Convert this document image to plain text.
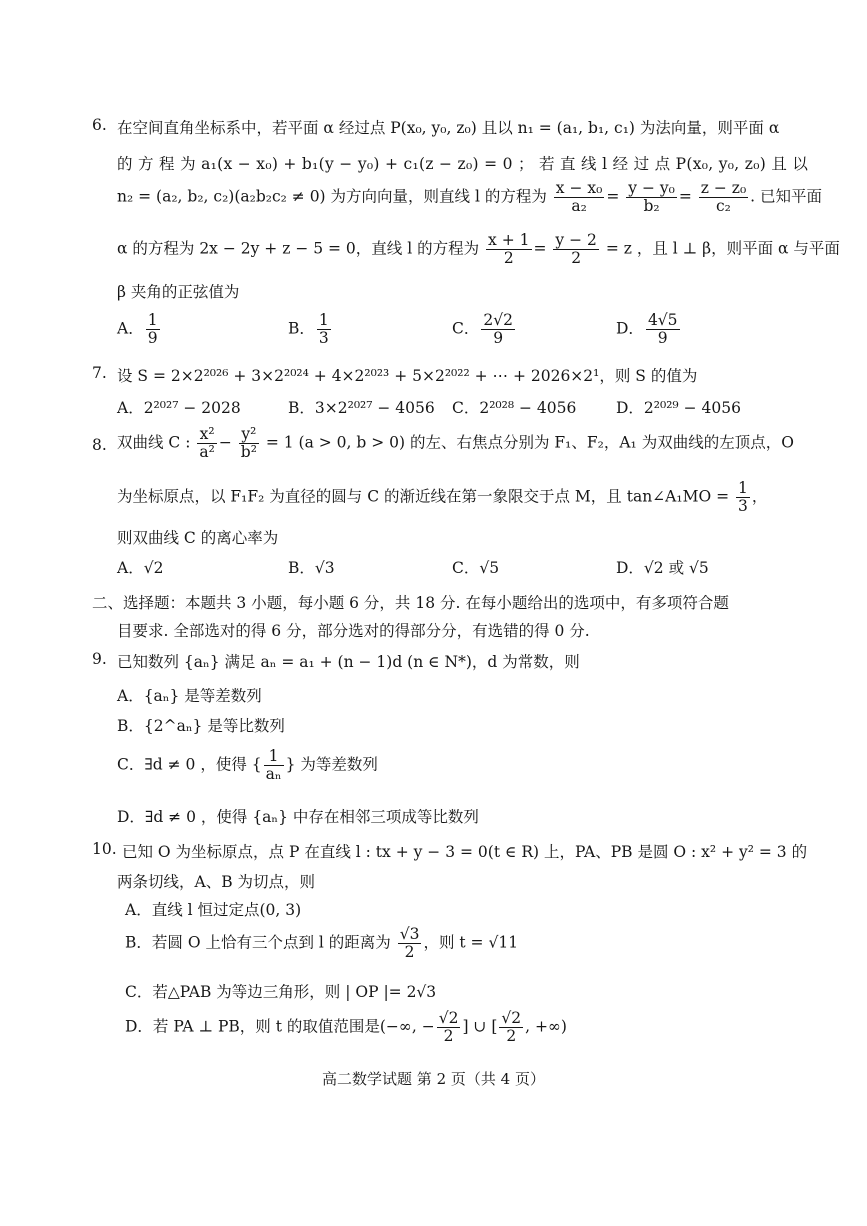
6. 在空间直角坐标系中，若平面 α 经过点 P(x₀, y₀, z₀) 且以 n₁ = (a₁, b₁, c₁) 为法向量，则平面 α
的 方 程 为 a₁(x − x₀) + b₁(y − y₀) + c₁(z − z₀) = 0 ； 若 直 线 l 经 过 点 P(x₀, y₀, z₀) 且 以
n₂ = (a₂, b₂, c₂)(a₂b₂c₂ ≠ 0) 为方向向量，则直线 l 的方程为 $\frac{\text{x − x₀}}{\text{a₂}} = \frac{\text{y − y₀}}{\text{b₂}} = \frac{\text{z − z₀}}{\text{c₂}}$ . 已知平面
α 的方程为 2x − 2y + z − 5 = 0，直线 l 的方程为 $\frac{x + 1}{2} = \frac{y - 2}{2} = z$ ，且 l ⊥ β，则平面 α 与平面
β 夹角的正弦值为
A． $\frac{1}{9}$	B． $\frac{1}{3}$	C． $\frac{2√2}{9}$	D． $\frac{4√5}{9}$
7. 设 S = 2×2²⁰²⁶ + 3×2²⁰²⁴ + 4×2²⁰²³ + 5×2²⁰²² + ⋯ + 2026×2¹，则 S 的值为
A．2²⁰²⁷ − 2028	B．3×2²⁰²⁷ − 4056 C．2²⁰²⁸ − 4056	D．2²⁰²⁹ − 4056
8. 双曲线 C : $\frac{\text{x²}}{\text{a²}} - \frac{\text{y²}}{\text{b²}} = 1$ (a > 0, b > 0) 的左、右焦点分别为 F₁、F₂，A₁ 为双曲线的左顶点，O
为坐标原点，以 F₁F₂ 为直径的圆与 C 的渐近线在第一象限交于点 M，且 tan∠A₁MO = $\frac{1}{3}$ ，
则双曲线 C 的离心率为
A．√2	B．√3	C．√5	D．√2 或 √5
二、选择题：本题共 3 小题，每小题 6 分，共 18 分. 在每小题给出的选项中，有多项符合题
目要求. 全部选对的得 6 分，部分选对的得部分分，有选错的得 0 分.
9. 已知数列 {aₙ} 满足 aₙ = a₁ + (n − 1)d (n ∈ N*)，d 为常数，则
A．{aₙ} 是等差数列
B．{2^aₙ} 是等比数列
C．∃d ≠ 0 ，使得 { $\frac{1}{\text{aₙ}}$ } 为等差数列
D．∃d ≠ 0 ，使得 {aₙ} 中存在相邻三项成等比数列
10. 已知 O 为坐标原点，点 P 在直线 l : tx + y − 3 = 0(t ∈ R) 上，PA、PB 是圆 O : x² + y² = 3 的
两条切线，A、B 为切点，则
A．直线 l 恒过定点(0, 3)
B．若圆 O 上恰有三个点到 l 的距离为 $\frac{√3}{2}$ ，则 t = √11
C．若△PAB 为等边三角形，则 | OP |= 2√3
D．若 PA ⊥ PB，则 t 的取值范围是(−∞, − $\frac{√2}{2}$ ] ∪ [ $\frac{√2}{2}$ , +∞)
高二数学试题 第 2 页（共 4 页）
